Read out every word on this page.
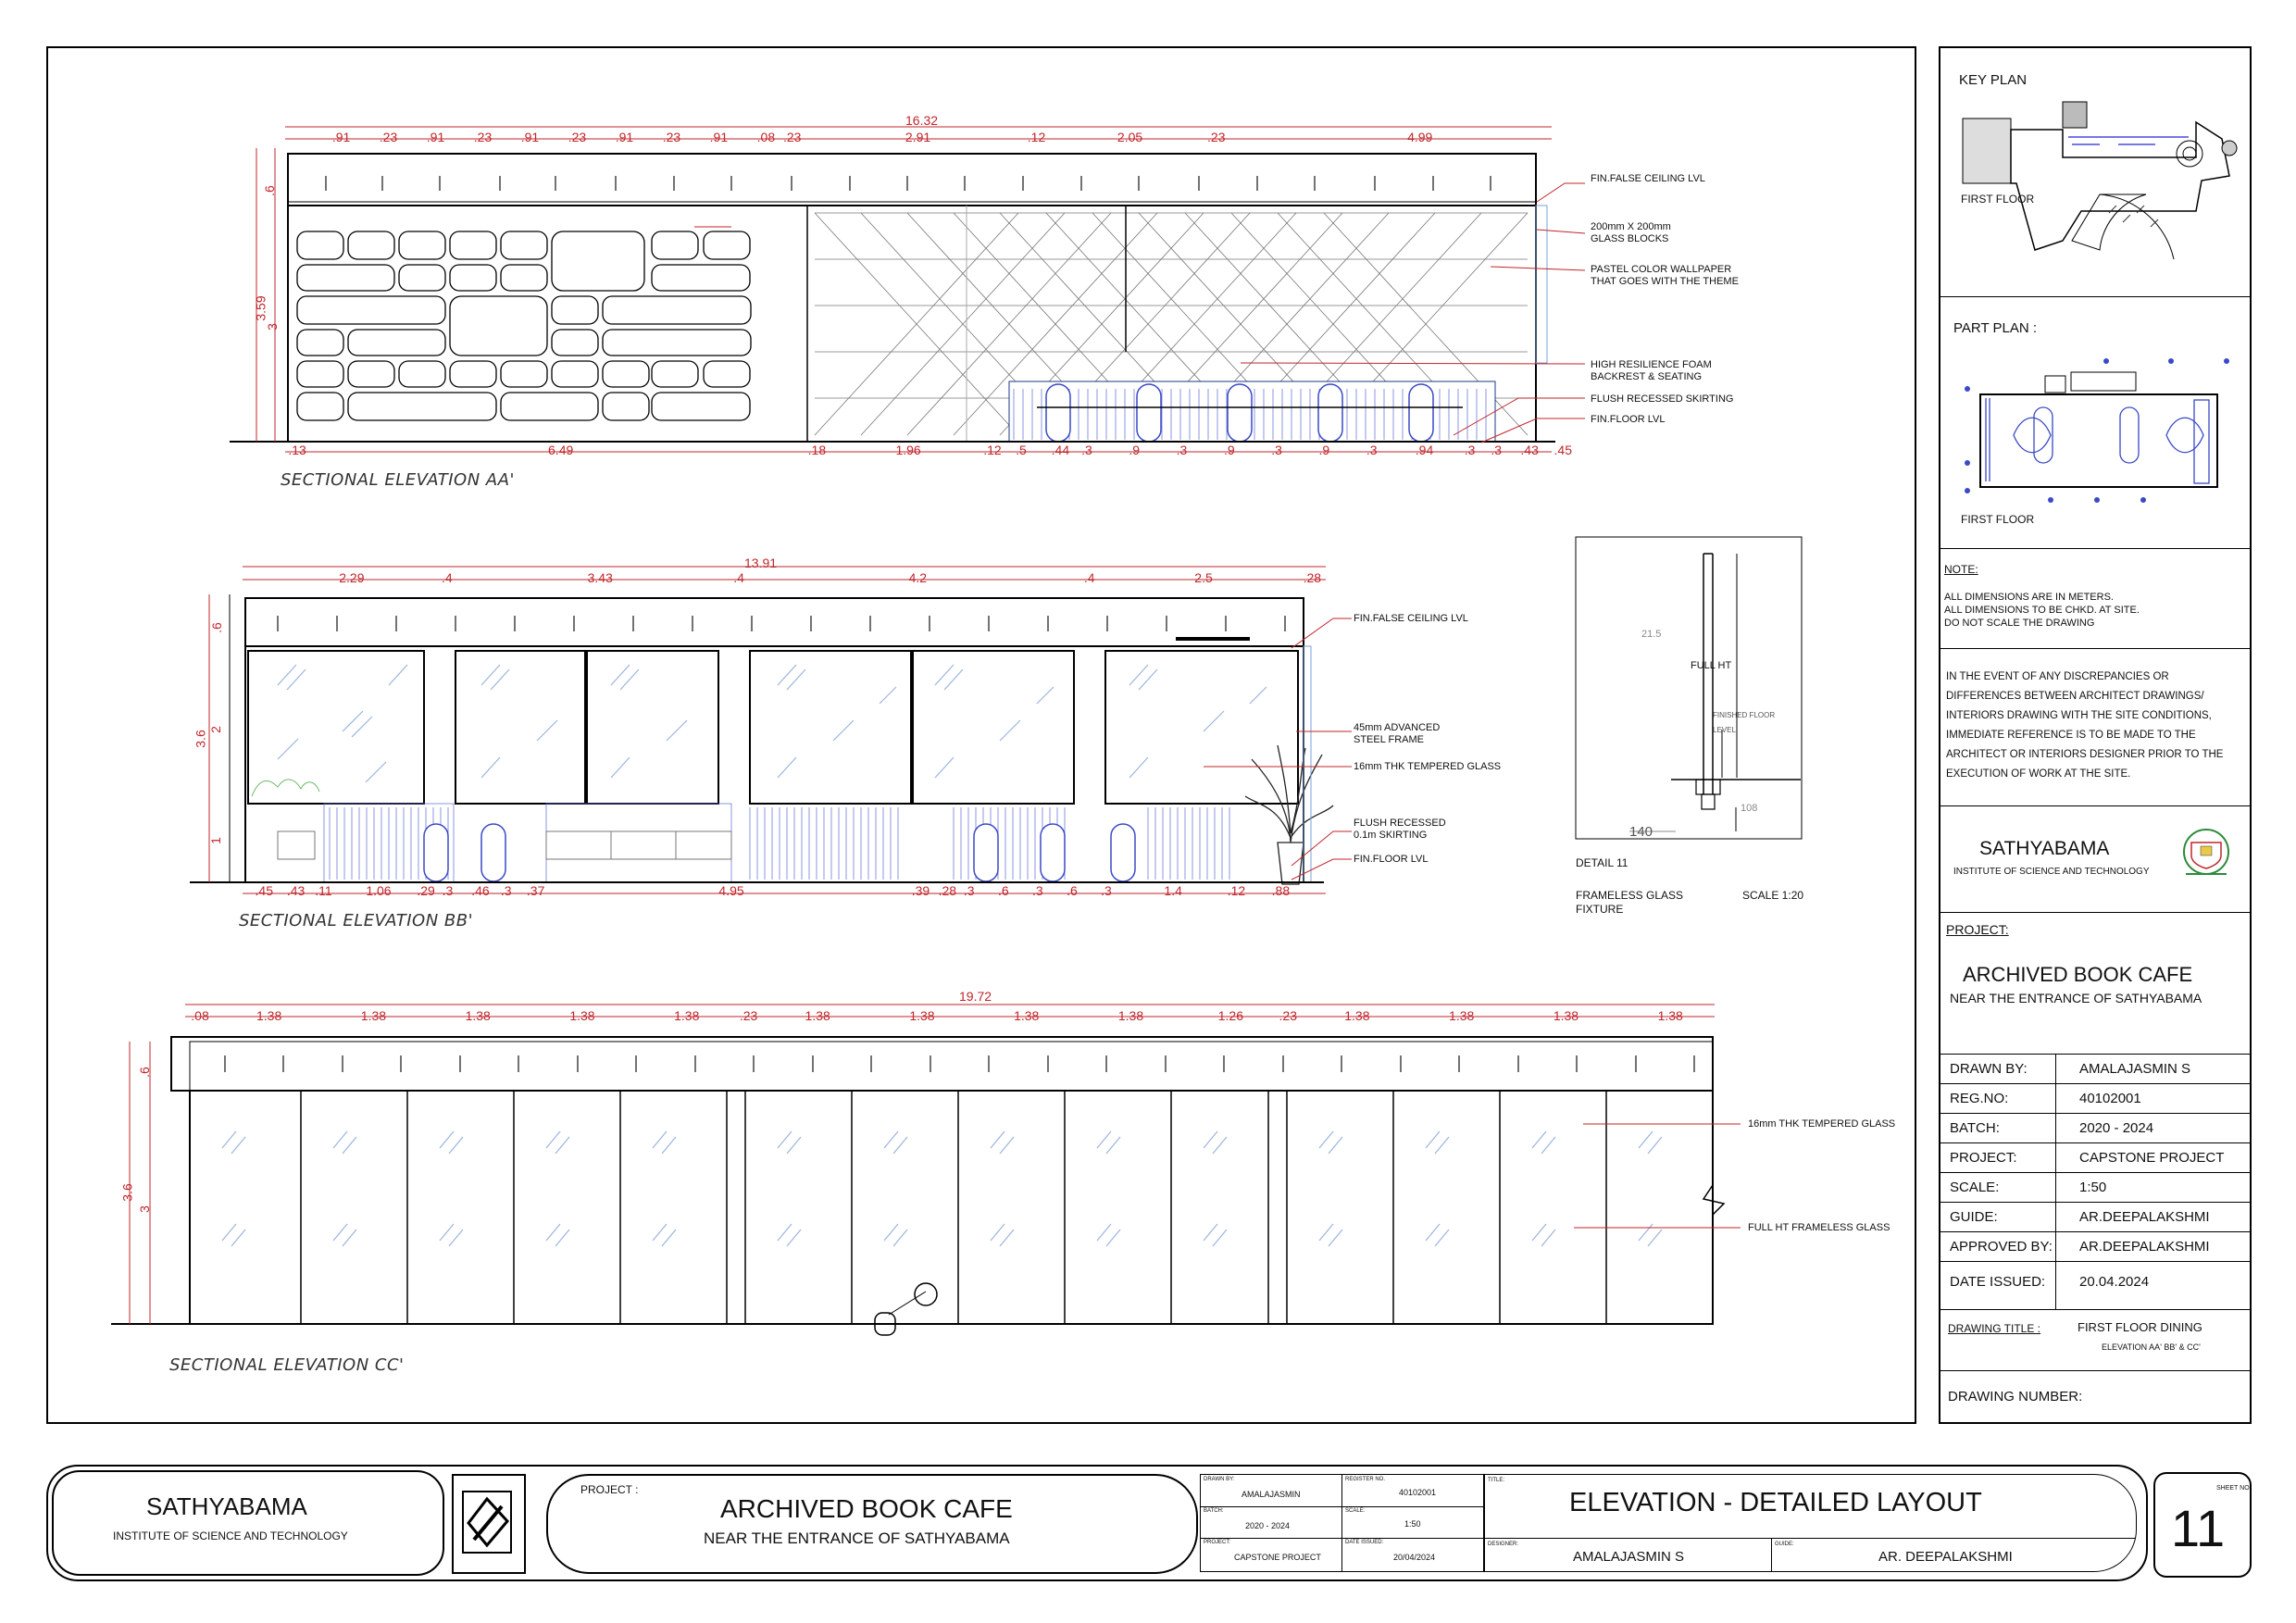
16.32
.91 .23 .91 .23 .91 .23 .91 .23 .91 .08 .23	2.91	.12	2.05	.23	4.99
.13	6.49	.18	1.96	.12 .5 .44 .3	.9	.3	.9	.3	.9	.3	.94 .3 .3 .43 .45
.6
3.59
3
FIN.FALSE CEILING LVL
200mm X 200mm
GLASS BLOCKS
PASTEL COLOR WALLPAPER
THAT GOES WITH THE THEME
HIGH RESILIENCE FOAM
BACKREST & SEATING
FLUSH RECESSED SKIRTING
FIN.FLOOR LVL
SECTIONAL ELEVATION AA'
13.91
2.29	.4	3.43	.4	4.2	.4	2.5	.28
.45 .43 .11	1.06 .29 .3 .46 .3 .37	4.95	.39 .28 .3 .6 .3 .6 .3	1.4	.12 .88
.6
3.6
2
1
FIN.FALSE CEILING LVL
45mm ADVANCED
STEEL FRAME
16mm THK TEMPERED GLASS
FLUSH RECESSED
0.1m SKIRTING
FIN.FLOOR LVL
SECTIONAL ELEVATION BB'
21.5
108
140
FULL HT
FINISHED FLOOR
LEVEL
DETAIL 11
FRAMELESS GLASS
FIXTURE
SCALE 1:20
19.72
.08	1.38	1.38	1.38	1.38	1.38	.23	1.38	1.38	1.38	1.38	1.26	.23	1.38	1.38	1.38	1.38
.6
3.6
3
16mm THK TEMPERED GLASS
FULL HT FRAMELESS GLASS
SECTIONAL ELEVATION CC'
KEY PLAN
FIRST FLOOR
PART PLAN :
FIRST FLOOR
NOTE:
ALL DIMENSIONS ARE IN METERS.
ALL DIMENSIONS TO BE CHKD. AT SITE.
DO NOT SCALE THE DRAWING
IN THE EVENT OF ANY DISCREPANCIES OR
DIFFERENCES BETWEEN ARCHITECT DRAWINGS/
INTERIORS DRAWING WITH THE SITE CONDITIONS,
IMMEDIATE REFERENCE IS TO BE MADE TO THE
ARCHITECT OR INTERIORS DESIGNER PRIOR TO THE
EXECUTION OF WORK AT THE SITE.
SATHYABAMA
INSTITUTE OF SCIENCE AND TECHNOLOGY
PROJECT:
ARCHIVED BOOK CAFE
NEAR THE ENTRANCE OF SATHYABAMA
DRAWN BY:	AMALAJASMIN S
REG.NO:	40102001
BATCH:	2020 - 2024
PROJECT:	CAPSTONE PROJECT
SCALE:	1:50
GUIDE:	AR.DEEPALAKSHMI
APPROVED BY: AR.DEEPALAKSHMI
DATE ISSUED: 20.04.2024
DRAWING TITLE :	FIRST FLOOR DINING
ELEVATION AA' BB' & CC'
DRAWING NUMBER:
SATHYABAMA
INSTITUTE OF SCIENCE AND TECHNOLOGY
PROJECT :
ARCHIVED BOOK CAFE
NEAR THE ENTRANCE OF SATHYABAMA
DRAWN BY:
AMALAJASMIN
REGISTER NO.
40102001
BATCH:
2020 - 2024
SCALE:
1:50
PROJECT:
CAPSTONE PROJECT
DATE ISSUED:
20/04/2024
TITLE:
ELEVATION - DETAILED LAYOUT
DESIGNER:
AMALAJASMIN S
GUIDE:
AR. DEEPALAKSHMI
SHEET NO:
11
